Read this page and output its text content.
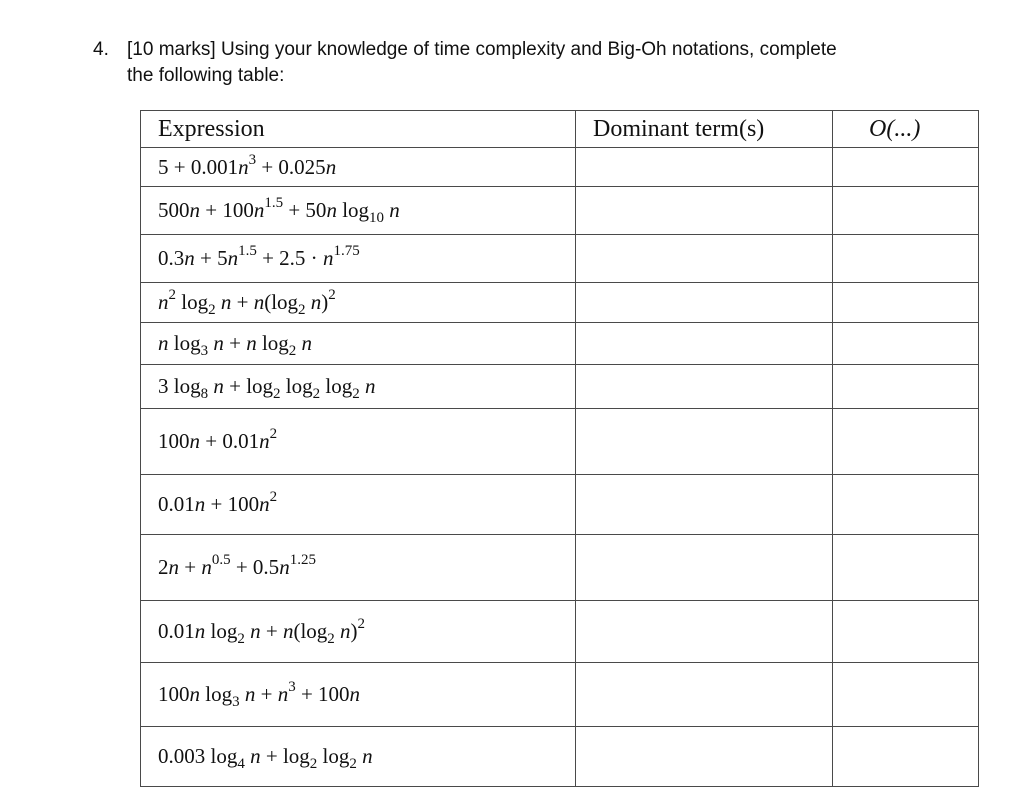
4. [10 marks] Using your knowledge of time complexity and Big-Oh notations, complete
the following table:
Expression	Dominant term(s)	O(...)
$5 + 0.001n^3 + 0.025n$		
$500n + 100n^{1.5} + 50n$ $\log_{10} n$		
$0.3n + 5n^{1.5} + 2.5 \cdot n^{1.75}$		
$n^2$ $\log_2 n + n(\log_2$ n)$^2$		
n $\log_3 n + n$ $\log_2 n$		
3 $\log_8 n + \log_2 \log_2 \log_2 n$		
$100n + 0.01n^2$		
$0.01n + 100n^2$		
$2n + n^{0.5} + 0.5n^{1.25}$		
0.01n $\log_2 n + n(\log_2$ n)$^2$		
100n $\log_3 n + n^3 + 100n$		
0.003 $\log_4 n + \log_2 \log_2 n$		
